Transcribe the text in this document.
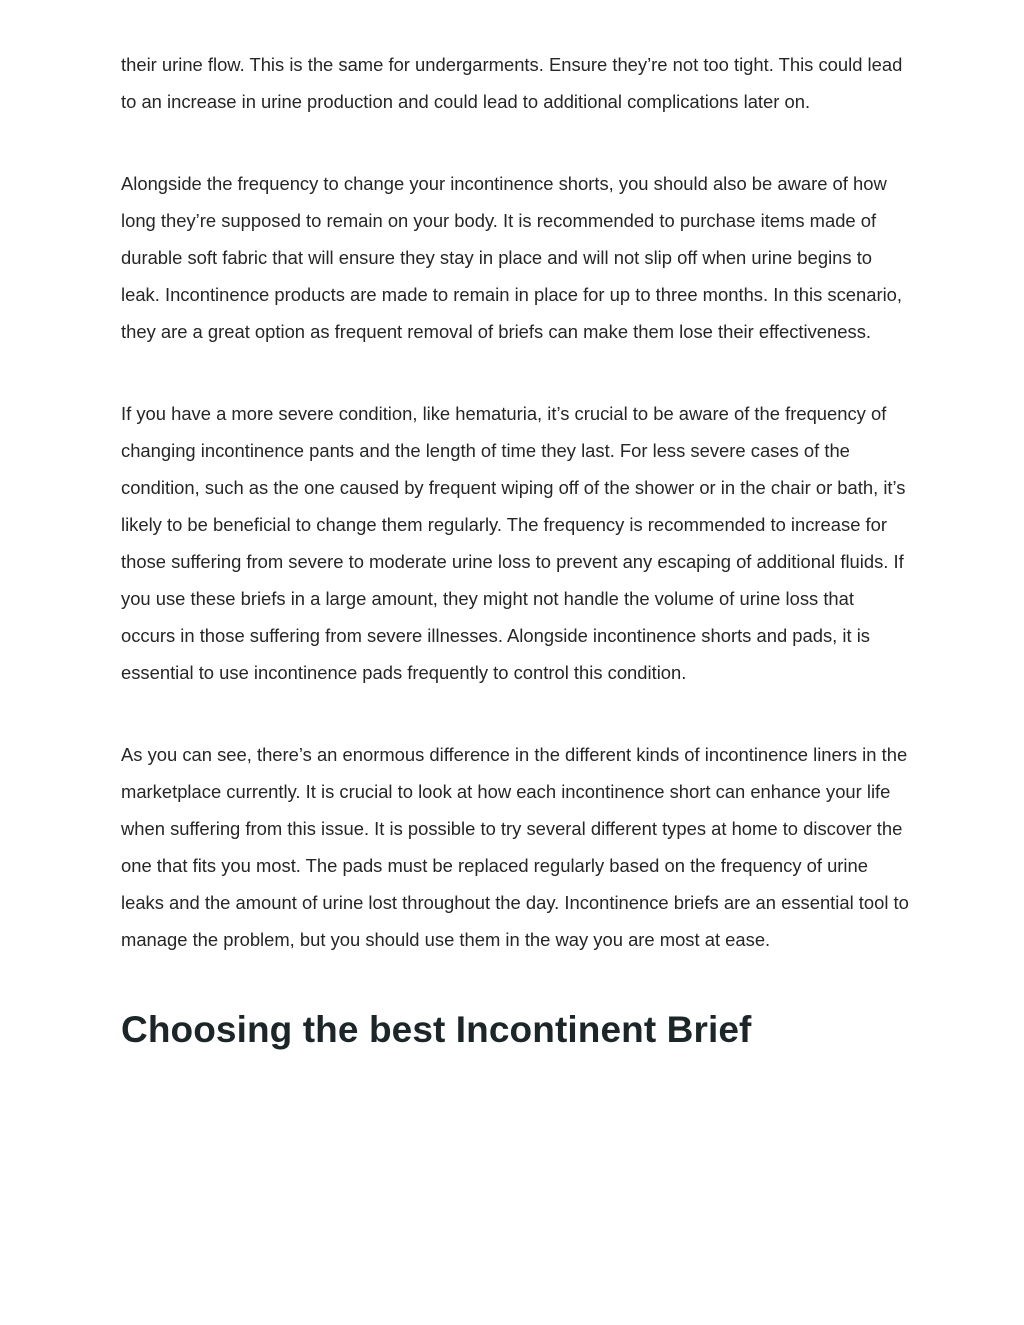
their urine flow. This is the same for undergarments. Ensure they’re not too tight. This could lead to an increase in urine production and could lead to additional complications later on.

Alongside the frequency to change your incontinence shorts, you should also be aware of how long they’re supposed to remain on your body. It is recommended to purchase items made of durable soft fabric that will ensure they stay in place and will not slip off when urine begins to leak. Incontinence products are made to remain in place for up to three months. In this scenario, they are a great option as frequent removal of briefs can make them lose their effectiveness.

If you have a more severe condition, like hematuria, it’s crucial to be aware of the frequency of changing incontinence pants and the length of time they last. For less severe cases of the condition, such as the one caused by frequent wiping off of the shower or in the chair or bath, it’s likely to be beneficial to change them regularly. The frequency is recommended to increase for those suffering from severe to moderate urine loss to prevent any escaping of additional fluids. If you use these briefs in a large amount, they might not handle the volume of urine loss that occurs in those suffering from severe illnesses. Alongside incontinence shorts and pads, it is essential to use incontinence pads frequently to control this condition.

As you can see, there’s an enormous difference in the different kinds of incontinence liners in the marketplace currently. It is crucial to look at how each incontinence short can enhance your life when suffering from this issue. It is possible to try several different types at home to discover the one that fits you most. The pads must be replaced regularly based on the frequency of urine leaks and the amount of urine lost throughout the day. Incontinence briefs are an essential tool to manage the problem, but you should use them in the way you are most at ease.

Choosing the best Incontinent Brief
